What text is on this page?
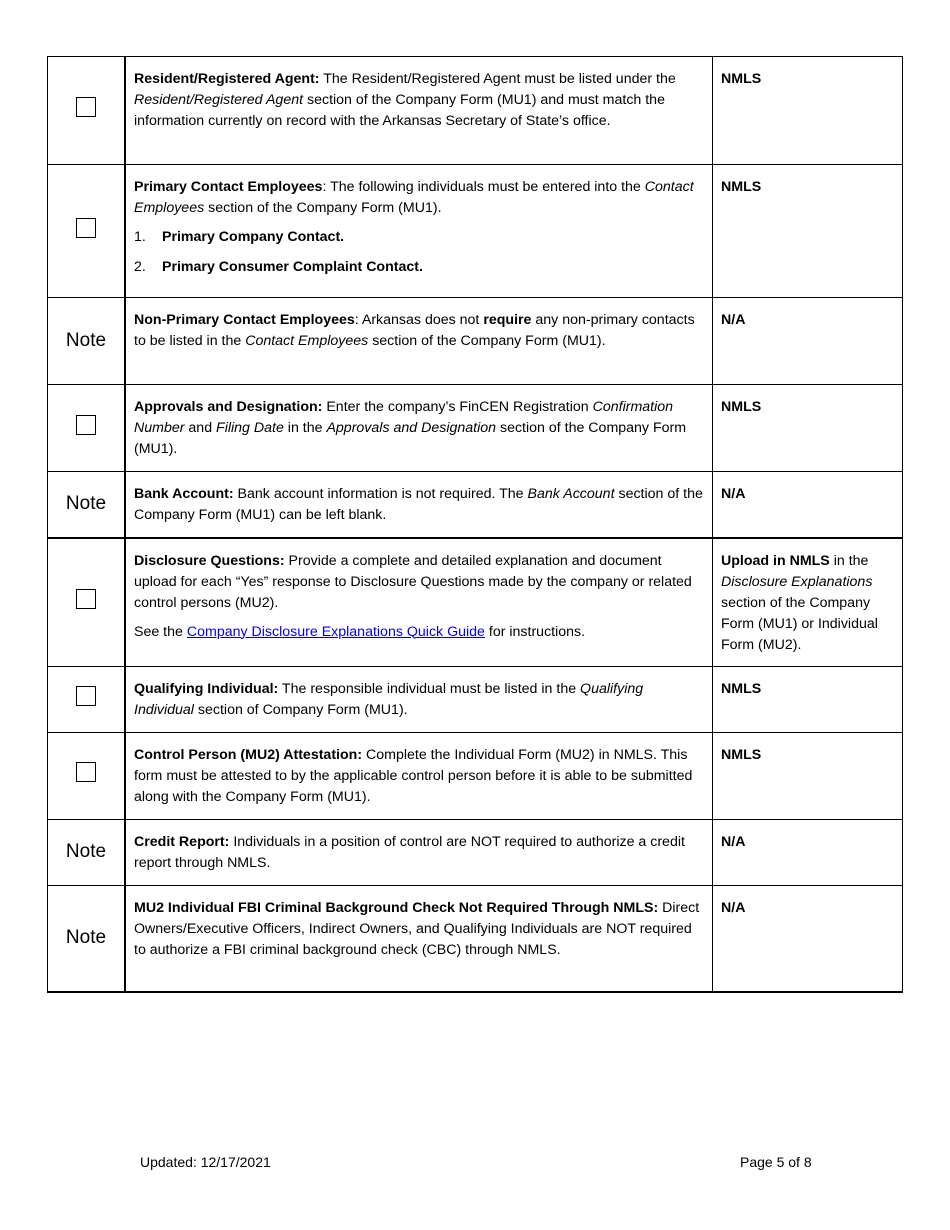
	Resident/Registered Agent: The Resident/Registered Agent must be listed under the Resident/Registered Agent section of the Company Form (MU1) and must match the information currently on record with the Arkansas Secretary of State’s office.	NMLS
	Primary Contact Employees: The following individuals must be entered into the Contact Employees section of the Company Form (MU1).
1. Primary Company Contact.
2. Primary Consumer Complaint Contact.	NMLS
Note	Non-Primary Contact Employees: Arkansas does not require any non-primary contacts to be listed in the Contact Employees section of the Company Form (MU1).	N/A
	Approvals and Designation: Enter the company’s FinCEN Registration Confirmation Number and Filing Date in the Approvals and Designation section of the Company Form (MU1).	NMLS
Note	Bank Account: Bank account information is not required. The Bank Account section of the Company Form (MU1) can be left blank.	N/A
	Disclosure Questions: Provide a complete and detailed explanation and document upload for each “Yes” response to Disclosure Questions made by the company or related control persons (MU2).

See the Company Disclosure Explanations Quick Guide for instructions.	Upload in NMLS in the Disclosure Explanations section of the Company Form (MU1) or Individual Form (MU2).
	Qualifying Individual: The responsible individual must be listed in the Qualifying Individual section of Company Form (MU1).	NMLS
	Control Person (MU2) Attestation: Complete the Individual Form (MU2) in NMLS. This form must be attested to by the applicable control person before it is able to be submitted along with the Company Form (MU1).	NMLS
Note	Credit Report: Individuals in a position of control are NOT required to authorize a credit report through NMLS.	N/A
Note	MU2 Individual FBI Criminal Background Check Not Required Through NMLS: Direct Owners/Executive Officers, Indirect Owners, and Qualifying Individuals are NOT required to authorize a FBI criminal background check (CBC) through NMLS.	N/A
Updated: 12/17/2021	Page 5 of 8
